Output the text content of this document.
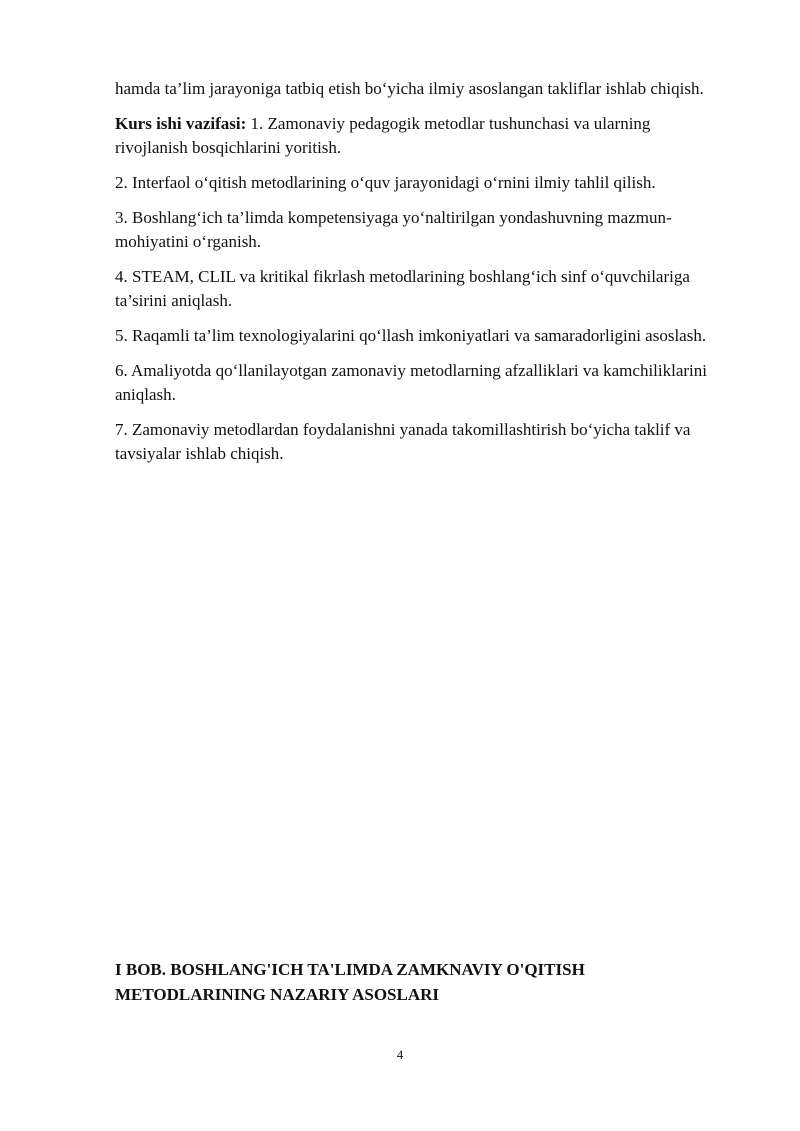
hamda ta’lim jarayoniga tatbiq etish bo‘yicha ilmiy asoslangan takliflar ishlab chiqish.

Kurs ishi vazifasi: 1. Zamonaviy pedagogik metodlar tushunchasi va ularning rivojlanish bosqichlarini yoritish.

2. Interfaol o‘qitish metodlarining o‘quv jarayonidagi o‘rnini ilmiy tahlil qilish.

3. Boshlang‘ich ta’limda kompetensiyaga yo‘naltirilgan yondashuvning mazmun-mohiyatini o‘rganish.

4. STEAM, CLIL va kritikal fikrlash metodlarining boshlang‘ich sinf o‘quvchilariga ta’sirini aniqlash.

5. Raqamli ta’lim texnologiyalarini qo‘llash imkoniyatlari va samaradorligini asoslash.

6. Amaliyotda qo‘llanilayotgan zamonaviy metodlarning afzalliklari va kamchiliklarini aniqlash.

7. Zamonaviy metodlardan foydalanishni yanada takomillashtirish bo‘yicha taklif va tavsiyalar ishlab chiqish.

I BOB. BOSHLANG'ICH TA'LIMDA ZAMKNAVIY O'QITISH METODLARINING NAZARIY ASOSLARI
4
